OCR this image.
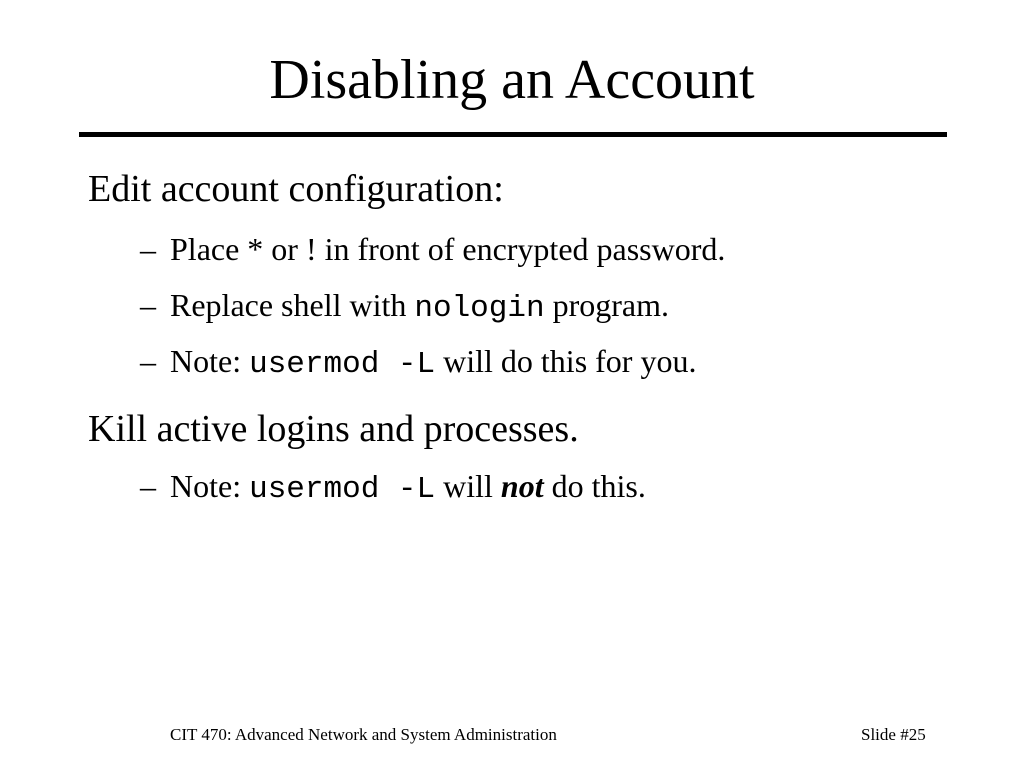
Disabling an Account
Edit account configuration:
– Place * or ! in front of encrypted password.
– Replace shell with nologin program.
– Note: usermod -L will do this for you.
Kill active logins and processes.
– Note: usermod -L will not do this.
CIT 470: Advanced Network and System Administration	Slide #25
